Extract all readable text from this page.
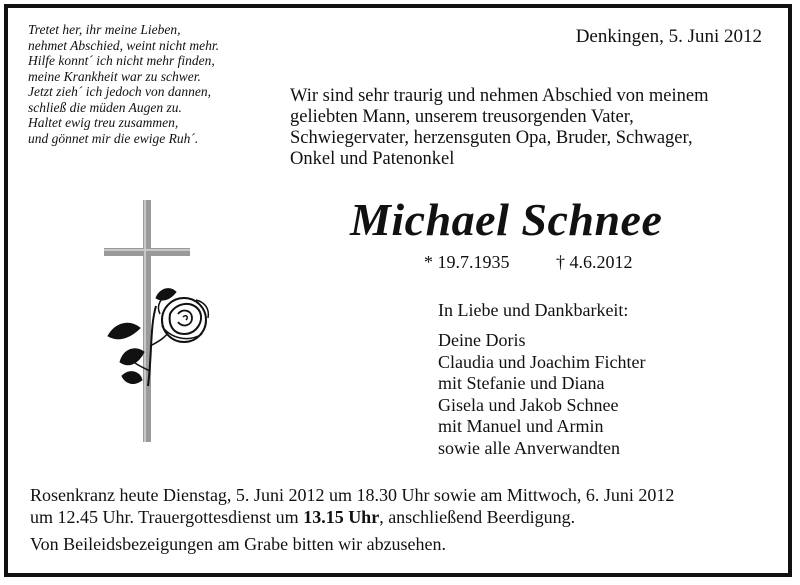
Tretet her, ihr meine Lieben,
nehmet Abschied, weint nicht mehr.
Hilfe konnt´ ich nicht mehr finden,
meine Krankheit war zu schwer.
Jetzt zieh´ ich jedoch von dannen,
schließ die müden Augen zu.
Haltet ewig treu zusammen,
und gönnet mir die ewige Ruh´.
Denkingen, 5. Juni 2012
Wir sind sehr traurig und nehmen Abschied von meinem
geliebten Mann, unserem treusorgenden Vater,
Schwiegervater, herzensguten Opa, Bruder, Schwager,
Onkel und Patenonkel
Michael Schnee
* 19.7.1935	† 4.6.2012
In Liebe und Dankbarkeit:
Deine Doris
Claudia und Joachim Fichter
mit Stefanie und Diana
Gisela und Jakob Schnee
mit Manuel und Armin
sowie alle Anverwandten
Rosenkranz heute Dienstag, 5. Juni 2012 um 18.30 Uhr sowie am Mittwoch, 6. Juni 2012
um 12.45 Uhr. Trauergottesdienst um 13.15 Uhr, anschließend Beerdigung.
Von Beileidsbezeigungen am Grabe bitten wir abzusehen.
